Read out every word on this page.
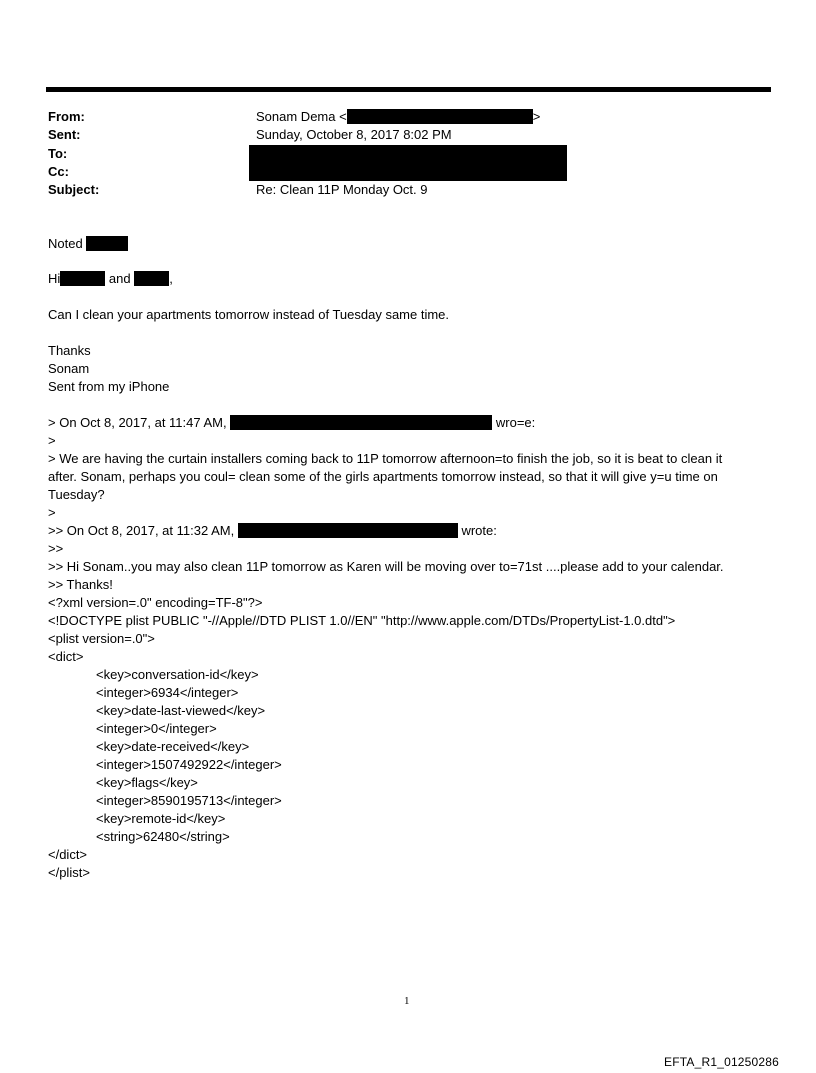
From:	Sonam Dema <	>
Sent:	Sunday, October 8, 2017 8:02 PM
To:
Cc:
Subject:	Re: Clean 11P Monday Oct. 9
Noted
Hi	and	,
Can I clean your apartments tomorrow instead of Tuesday same time.
Thanks
Sonam
Sent from my iPhone
> On Oct 8, 2017, at 11:47 AM,	wro=e:
>
> We are having the curtain installers coming back to 11P tomorrow afternoon=to finish the job, so it is beat to clean it
after. Sonam, perhaps you coul= clean some of the girls apartments tomorrow instead, so that it will give y=u time on
Tuesday?
>
>> On Oct 8, 2017, at 11:32 AM,	wrote:
>>
>> Hi Sonam..you may also clean 11P tomorrow as Karen will be moving over to=71st ....please add to your calendar.
>> Thanks!
<?xml version=.0" encoding=TF-8"?>
<!DOCTYPE plist PUBLIC "-//Apple//DTD PLIST 1.0//EN" "http://www.apple.com/DTDs/PropertyList-1.0.dtd">
<plist version=.0">
<dict>
<key>conversation-id</key>
<integer>6934</integer>
<key>date-last-viewed</key>
<integer>0</integer>
<key>date-received</key>
<integer>1507492922</integer>
<key>flags</key>
<integer>8590195713</integer>
<key>remote-id</key>
<string>62480</string>
</dict>
</plist>
1
EFTA_R1_01250286
